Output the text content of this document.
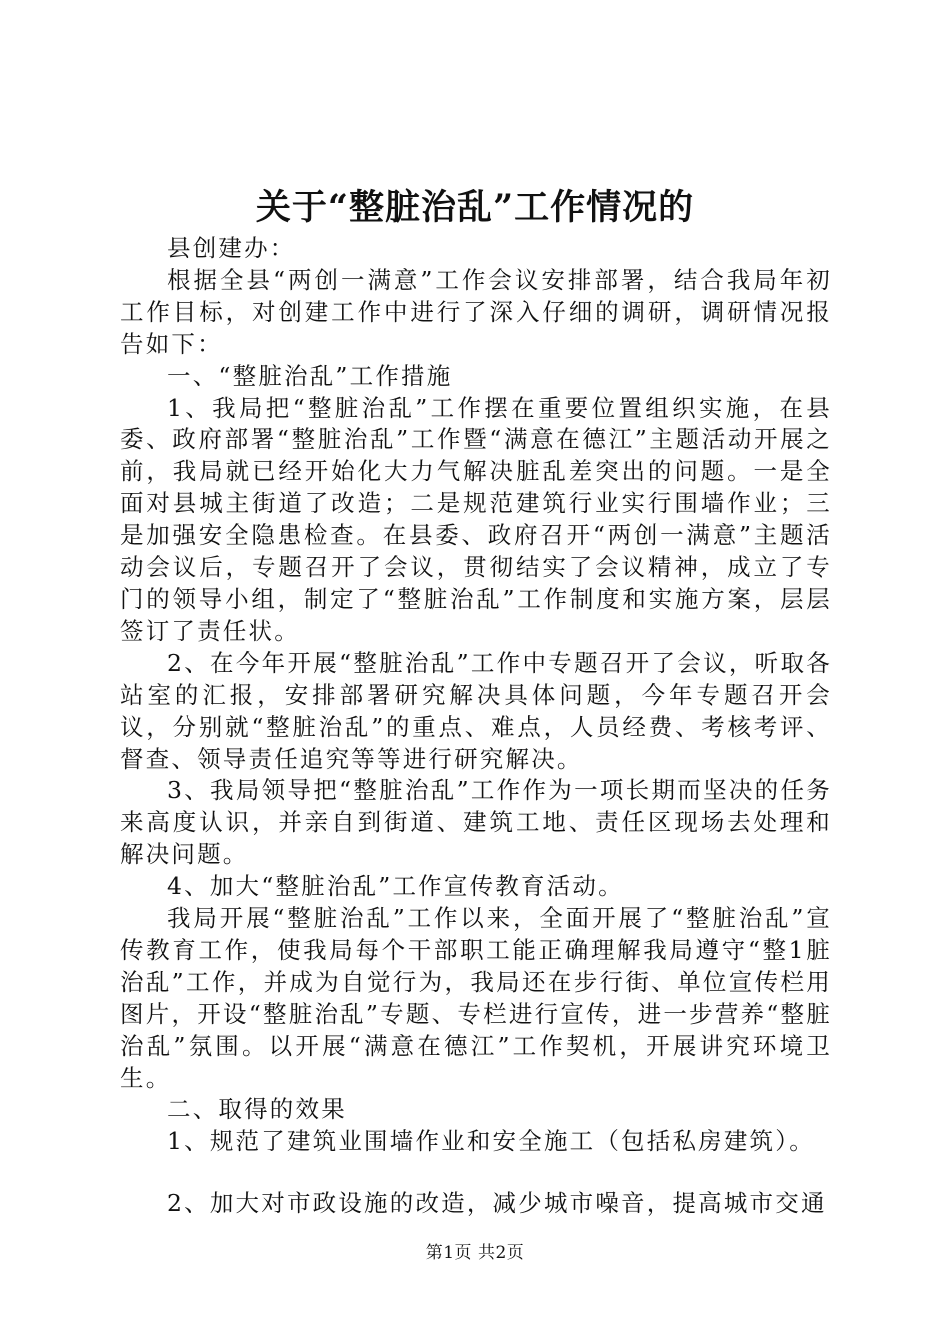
关于“整脏治乱”工作情况的

县创建办：

根据全县“两创一满意”工作会议安排部署，结合我局年初工作目标，对创建工作中进行了深入仔细的调研，调研情况报告如下：

一、“整脏治乱”工作措施

1、我局把“整脏治乱”工作摆在重要位置组织实施，在县委、政府部署“整脏治乱”工作暨“满意在德江”主题活动开展之前，我局就已经开始化大力气解决脏乱差突出的问题。一是全面对县城主街道了改造；二是规范建筑行业实行围墙作业；三是加强安全隐患检查。在县委、政府召开“两创一满意”主题活动会议后，专题召开了会议，贯彻结实了会议精神，成立了专门的领导小组，制定了“整脏治乱”工作制度和实施方案，层层签订了责任状。

2、在今年开展“整脏治乱”工作中专题召开了会议，听取各站室的汇报，安排部署研究解决具体问题，今年专题召开会议，分别就“整脏治乱”的重点、难点，人员经费、考核考评、督查、领导责任追究等等进行研究解决。

3、我局领导把“整脏治乱”工作作为一项长期而坚决的任务来高度认识，并亲自到街道、建筑工地、责任区现场去处理和解决问题。

4、加大“整脏治乱”工作宣传教育活动。

我局开展“整脏治乱”工作以来，全面开展了“整脏治乱”宣传教育工作，使我局每个干部职工能正确理解我局遵守“整1脏治乱”工作，并成为自觉行为，我局还在步行街、单位宣传栏用图片，开设“整脏治乱”专题、专栏进行宣传，进一步营养“整脏治乱”氛围。以开展“满意在德江”工作契机，开展讲究环境卫生。

二、取得的效果

1、规范了建筑业围墙作业和安全施工（包括私房建筑）。

2、加大对市政设施的改造，减少城市噪音，提高城市交通

第1页 共2页
